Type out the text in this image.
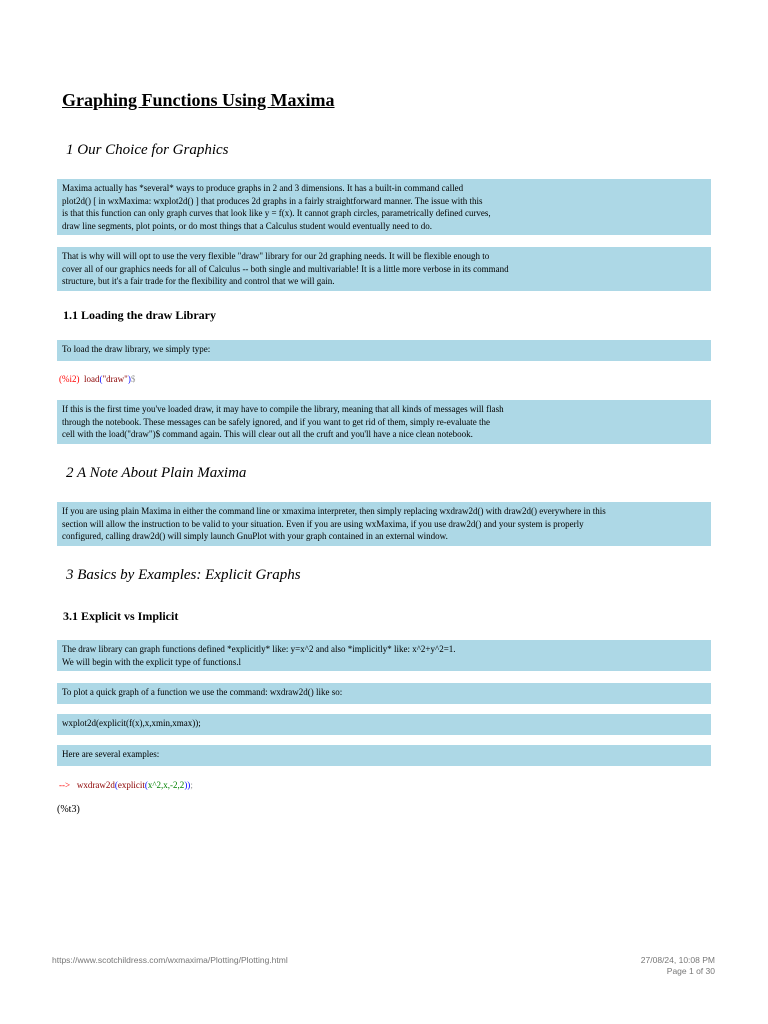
Graphing Functions Using Maxima
1 Our Choice for Graphics
Maxima actually has *several* ways to produce graphs in 2 and 3 dimensions. It has a built-in command called
plot2d() [ in wxMaxima: wxplot2d() ] that produces 2d graphs in a fairly straightforward manner. The issue with this
is that this function can only graph curves that look like y = f(x). It cannot graph circles, parametrically defined curves,
draw line segments, plot points, or do most things that a Calculus student would eventually need to do.
That is why will will opt to use the very flexible "draw" library for our 2d graphing needs. It will be flexible enough to
cover all of our graphics needs for all of Calculus -- both single and multivariable! It is a little more verbose in its command
structure, but it's a fair trade for the flexibility and control that we will gain.
1.1 Loading the draw Library
To load the draw library, we simply type:
(%i2) load("draw")$
If this is the first time you've loaded draw, it may have to compile the library, meaning that all kinds of messages will flash
through the notebook. These messages can be safely ignored, and if you want to get rid of them, simply re-evaluate the
cell with the load("draw")$ command again. This will clear out all the cruft and you'll have a nice clean notebook.
2 A Note About Plain Maxima
If you are using plain Maxima in either the command line or xmaxima interpreter, then simply replacing wxdraw2d() with draw2d() everywhere in this
section will allow the instruction to be valid to your situation. Even if you are using wxMaxima, if you use draw2d() and your system is properly
configured, calling draw2d() will simply launch GnuPlot with your graph contained in an external window.
3 Basics by Examples: Explicit Graphs
3.1 Explicit vs Implicit
The draw library can graph functions defined *explicitly* like: y=x^2 and also *implicitly* like: x^2+y^2=1.
We will begin with the explicit type of functions.l
To plot a quick graph of a function we use the command: wxdraw2d() like so:
wxplot2d(explicit(f(x),x,xmin,xmax));
Here are several examples:
--> wxdraw2d(explicit(x^2,x,-2,2));
(%t3)
https://www.scotchildress.com/wxmaxima/Plotting/Plotting.html	27/08/24, 10:08 PM
Page 1 of 30
